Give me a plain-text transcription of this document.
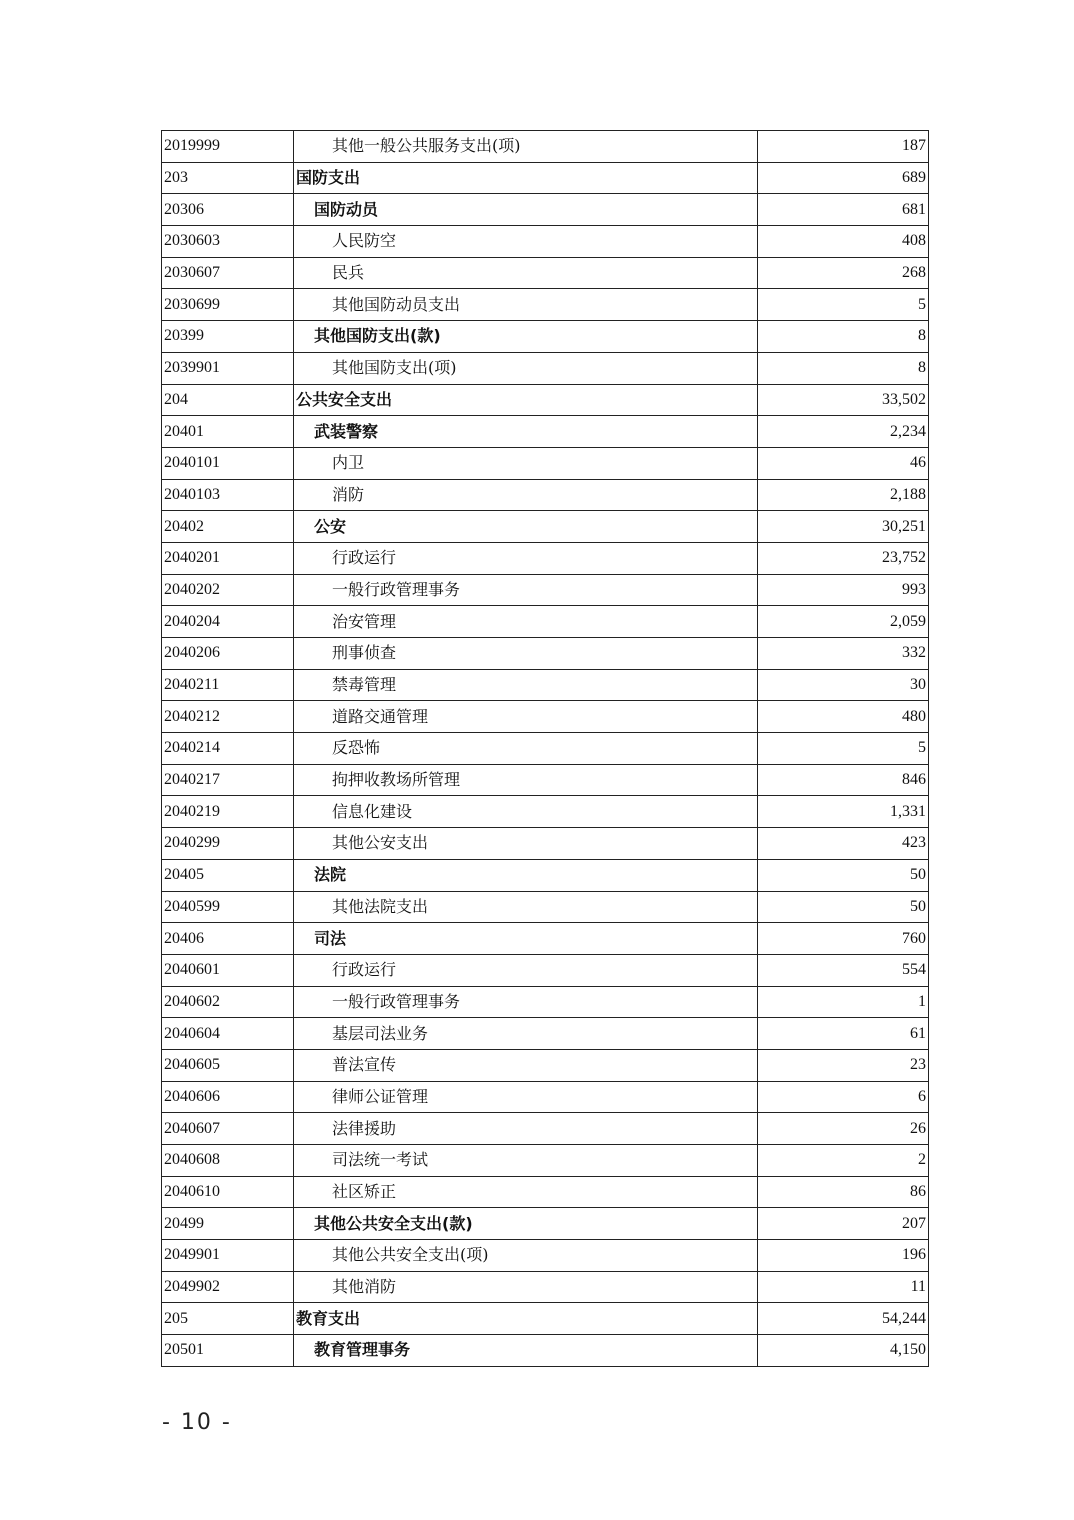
2019999	其他一般公共服务支出(项)	187
203	国防支出	689
20306	国防动员	681
2030603	人民防空	408
2030607	民兵	268
2030699	其他国防动员支出	5
20399	其他国防支出(款)	8
2039901	其他国防支出(项)	8
204	公共安全支出	33,502
20401	武装警察	2,234
2040101	内卫	46
2040103	消防	2,188
20402	公安	30,251
2040201	行政运行	23,752
2040202	一般行政管理事务	993
2040204	治安管理	2,059
2040206	刑事侦查	332
2040211	禁毒管理	30
2040212	道路交通管理	480
2040214	反恐怖	5
2040217	拘押收教场所管理	846
2040219	信息化建设	1,331
2040299	其他公安支出	423
20405	法院	50
2040599	其他法院支出	50
20406	司法	760
2040601	行政运行	554
2040602	一般行政管理事务	1
2040604	基层司法业务	61
2040605	普法宣传	23
2040606	律师公证管理	6
2040607	法律援助	26
2040608	司法统一考试	2
2040610	社区矫正	86
20499	其他公共安全支出(款)	207
2049901	其他公共安全支出(项)	196
2049902	其他消防	11
205	教育支出	54,244
20501	教育管理事务	4,150
- 10 -
